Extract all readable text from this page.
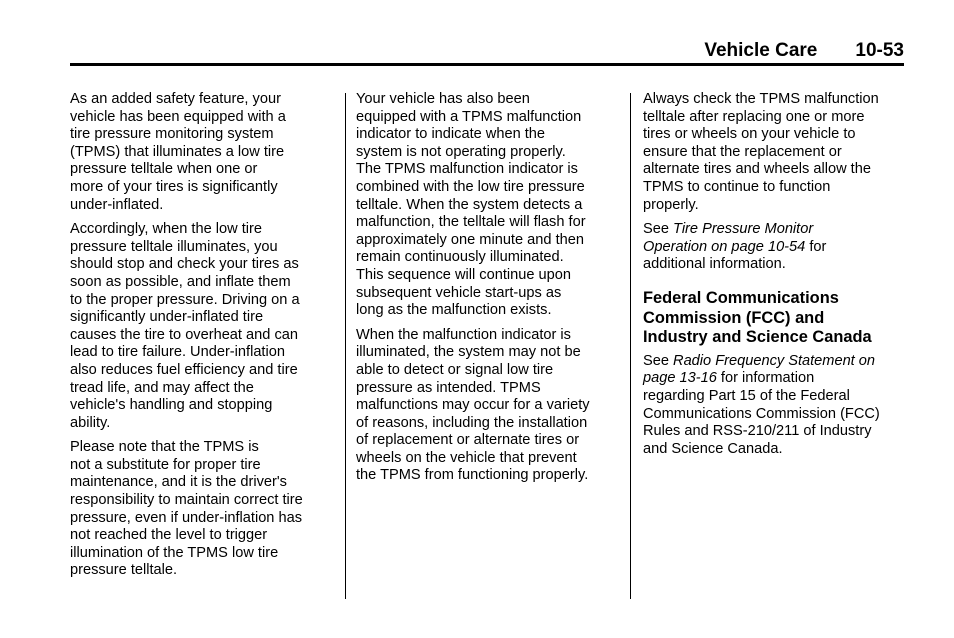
Vehicle Care 10-53

As an added safety feature, your
vehicle has been equipped with a
tire pressure monitoring system
(TPMS) that illuminates a low tire
pressure telltale when one or
more of your tires is significantly
under-inflated.

Accordingly, when the low tire
pressure telltale illuminates, you
should stop and check your tires as
soon as possible, and inflate them
to the proper pressure. Driving on a
significantly under-inflated tire
causes the tire to overheat and can
lead to tire failure. Under-inflation
also reduces fuel efficiency and tire
tread life, and may affect the
vehicle's handling and stopping
ability.

Please note that the TPMS is
not a substitute for proper tire
maintenance, and it is the driver's
responsibility to maintain correct tire
pressure, even if under-inflation has
not reached the level to trigger
illumination of the TPMS low tire
pressure telltale.

Your vehicle has also been
equipped with a TPMS malfunction
indicator to indicate when the
system is not operating properly.
The TPMS malfunction indicator is
combined with the low tire pressure
telltale. When the system detects a
malfunction, the telltale will flash for
approximately one minute and then
remain continuously illuminated.
This sequence will continue upon
subsequent vehicle start-ups as
long as the malfunction exists.

When the malfunction indicator is
illuminated, the system may not be
able to detect or signal low tire
pressure as intended. TPMS
malfunctions may occur for a variety
of reasons, including the installation
of replacement or alternate tires or
wheels on the vehicle that prevent
the TPMS from functioning properly.

Always check the TPMS malfunction
telltale after replacing one or more
tires or wheels on your vehicle to
ensure that the replacement or
alternate tires and wheels allow the
TPMS to continue to function
properly.

See Tire Pressure Monitor
Operation on page 10-54 for
additional information.

Federal Communications
Commission (FCC) and
Industry and Science Canada

See Radio Frequency Statement on
page 13-16 for information
regarding Part 15 of the Federal
Communications Commission (FCC)
Rules and RSS-210/211 of Industry
and Science Canada.
